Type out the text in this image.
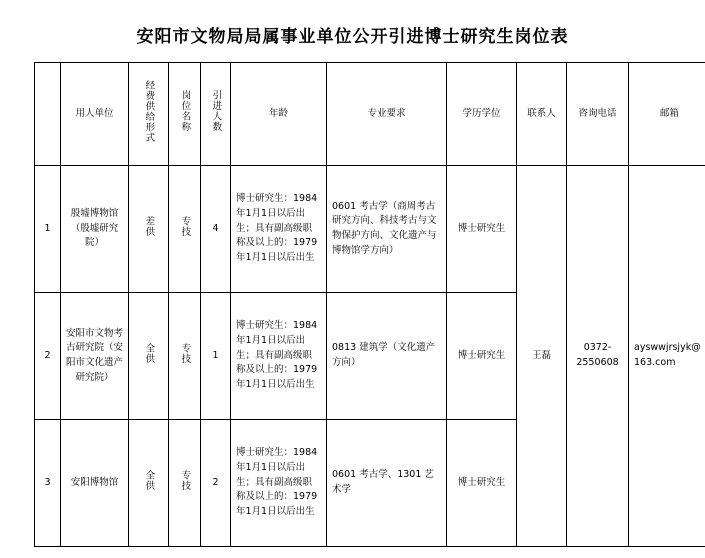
安阳市文物局局属事业单位公开引进博士研究生岗位表
	用人单位	经费供给形式	岗位名称	引进人数	年龄	专业要求	学历学位	联系人	咨询电话	邮箱
1	殷墟博物馆（殷墟研究院）	差供	专技	4	博士研究生：1984年1月1日以后出生；具有副高级职称及以上的：1979年1月1日以后出生	0601 考古学（商周考古研究方向、科技考古与文物保护方向、文化遗产与博物馆学方向）	博士研究生	王磊	0372-2550608	ayswwjrsjyk@163.com
2	安阳市文物考古研究院（安阳市文化遗产研究院）	全供	专技	1	博士研究生：1984年1月1日以后出生；具有副高级职称及以上的：1979年1月1日以后出生	0813 建筑学（文化遗产方向）	博士研究生			
3	安阳博物馆	全供	专技	2	博士研究生：1984年1月1日以后出生；具有副高级职称及以上的：1979年1月1日以后出生	0601 考古学、1301 艺术学	博士研究生			
